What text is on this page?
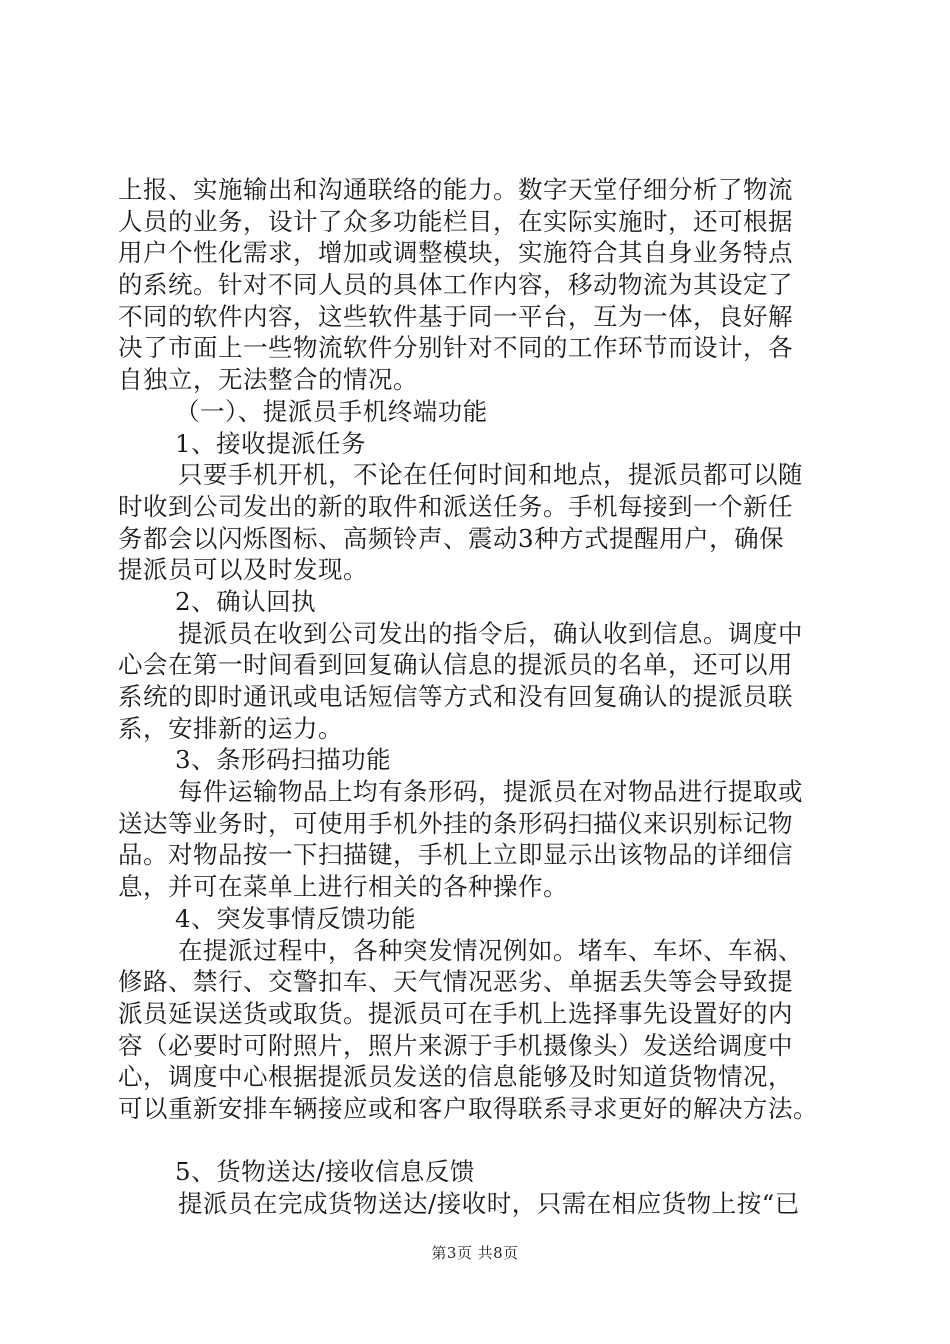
上报、实施输出和沟通联络的能力。数字天堂仔细分析了物流
人员的业务，设计了众多功能栏目，在实际实施时，还可根据
用户个性化需求，增加或调整模块，实施符合其自身业务特点
的系统。针对不同人员的具体工作内容，移动物流为其设定了
不同的软件内容，这些软件基于同一平台，互为一体，良好解
决了市面上一些物流软件分别针对不同的工作环节而设计，各
自独立，无法整合的情况。
（一）、提派员手机终端功能
1、接收提派任务
只要手机开机，不论在任何时间和地点，提派员都可以随
时收到公司发出的新的取件和派送任务。手机每接到一个新任
务都会以闪烁图标、高频铃声、震动3种方式提醒用户，确保
提派员可以及时发现。
2、确认回执
提派员在收到公司发出的指令后，确认收到信息。调度中
心会在第一时间看到回复确认信息的提派员的名单，还可以用
系统的即时通讯或电话短信等方式和没有回复确认的提派员联
系，安排新的运力。
3、条形码扫描功能
每件运输物品上均有条形码，提派员在对物品进行提取或
送达等业务时，可使用手机外挂的条形码扫描仪来识别标记物
品。对物品按一下扫描键，手机上立即显示出该物品的详细信
息，并可在菜单上进行相关的各种操作。
4、突发事情反馈功能
在提派过程中，各种突发情况例如。堵车、车坏、车祸、
修路、禁行、交警扣车、天气情况恶劣、单据丢失等会导致提
派员延误送货或取货。提派员可在手机上选择事先设置好的内
容（必要时可附照片，照片来源于手机摄像头）发送给调度中
心，调度中心根据提派员发送的信息能够及时知道货物情况，
可以重新安排车辆接应或和客户取得联系寻求更好的解决方法。
5、货物送达/接收信息反馈
提派员在完成货物送达/接收时，只需在相应货物上按“已
第3页 共8页
